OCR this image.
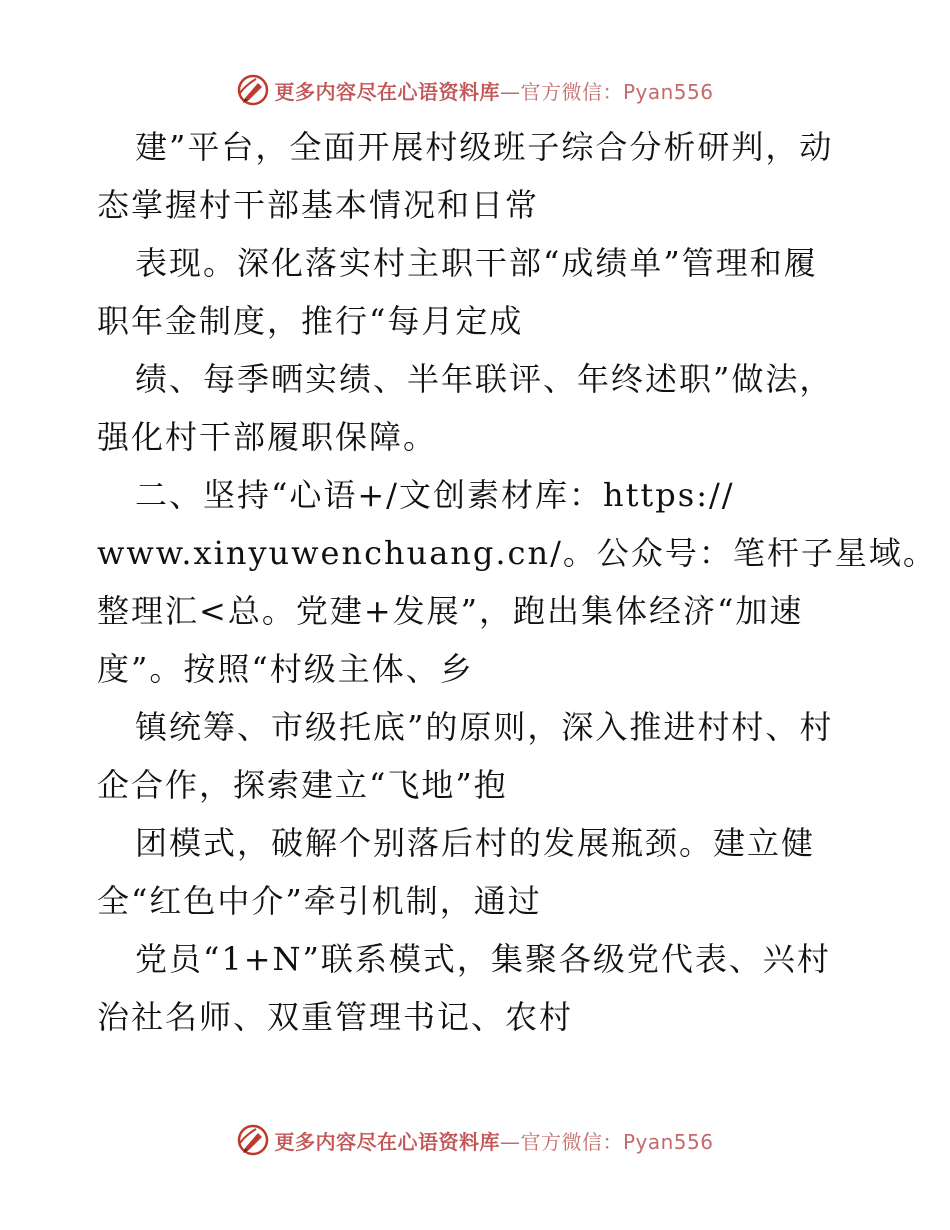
更多内容尽在心语资料库—官方微信：Pyan556
建”平台，全面开展村级班子综合分析研判，动
态掌握村干部基本情况和日常
表现。深化落实村主职干部“成绩单”管理和履
职年金制度，推行“每月定成
绩、每季晒实绩、半年联评、年终述职”做法，
强化村干部履职保障。
二、坚持“心语+/文创素材库：https://
www.xinyuwenchuang.cn/。公众号：笔杆子星域。
整理汇<总。党建+发展”，跑出集体经济“加速
度”。按照“村级主体、乡
镇统筹、市级托底”的原则，深入推进村村、村
企合作，探索建立“飞地”抱
团模式，破解个别落后村的发展瓶颈。建立健
全“红色中介”牵引机制，通过
党员“1+N”联系模式，集聚各级党代表、兴村
治社名师、双重管理书记、农村
更多内容尽在心语资料库—官方微信：Pyan556
